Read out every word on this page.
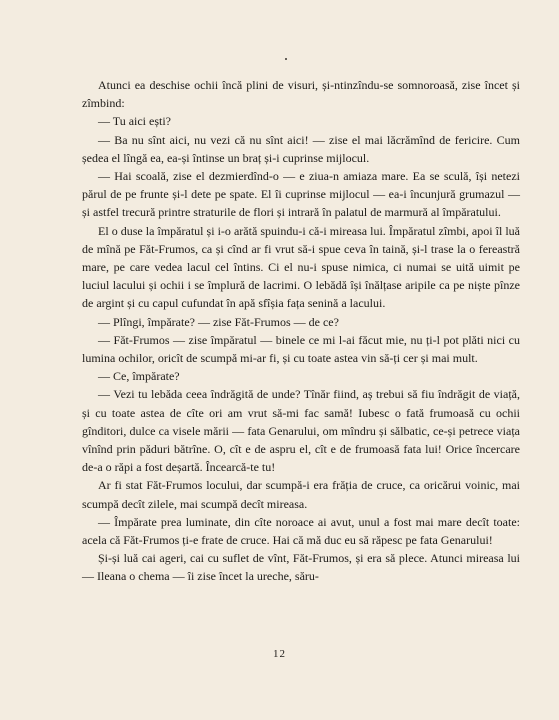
Atunci ea deschise ochii încă plini de visuri, și-ntinzîndu-se somnoroasă, zise încet și zîmbind:

— Tu aici ești?

— Ba nu sînt aici, nu vezi că nu sînt aici! — zise el mai lăcrămînd de fericire. Cum ședea el lîngă ea, ea-și întinse un braț și-i cuprinse mijlocul.

— Hai scoală, zise el dezmierdînd-o — e ziua-n amiaza mare. Ea se sculă, își netezi părul de pe frunte și-l dete pe spate. El îi cuprinse mijlocul — ea-i încunjură grumazul — și astfel trecură printre straturile de flori și intrară în palatul de marmură al împăratului.

El o duse la împăratul și i-o arătă spuindu-i că-i mireasa lui. Împăratul zîmbi, apoi îl luă de mînă pe Făt-Frumos, ca și cînd ar fi vrut să-i spue ceva în taină, și-l trase la o fereastră mare, pe care vedea lacul cel întins. Ci el nu-i spuse nimica, ci numai se uită uimit pe luciul lacului și ochii i se împlură de lacrimi. O lebădă își înălțase aripile ca pe niște pînze de argint și cu capul cufundat în apă sfîșia fața senină a lacului.

— Plîngi, împărate? — zise Făt-Frumos — de ce?

— Făt-Frumos — zise împăratul — binele ce mi l-ai făcut mie, nu ți-l pot plăti nici cu lumina ochilor, oricît de scumpă mi-ar fi, și cu toate astea vin să-ți cer și mai mult.

— Ce, împărate?

— Vezi tu lebăda ceea îndrăgită de unde? Tînăr fiind, aș trebui să fiu îndrăgit de viață, și cu toate astea de cîte ori am vrut să-mi fac samă! Iubesc o fată frumoasă cu ochii gînditori, dulce ca visele mării — fata Genarului, om mîndru și sălbatic, ce-și petrece viața vînînd prin păduri bătrîne. O, cît e de aspru el, cît e de frumoasă fata lui! Orice încercare de-a o răpi a fost deșartă. Încearcă-te tu!

Ar fi stat Făt-Frumos locului, dar scumpă-i era frăția de cruce, ca oricărui voinic, mai scumpă decît zilele, mai scumpă decît mireasa.

— Împărate prea luminate, din cîte noroace ai avut, unul a fost mai mare decît toate: acela că Făt-Frumos ți-e frate de cruce. Hai că mă duc eu să răpesc pe fata Genarului!

Și-și luă cai ageri, cai cu suflet de vînt, Făt-Frumos, și era să plece. Atunci mireasa lui — Ileana o chema — îi zise încet la ureche, săru-

12
